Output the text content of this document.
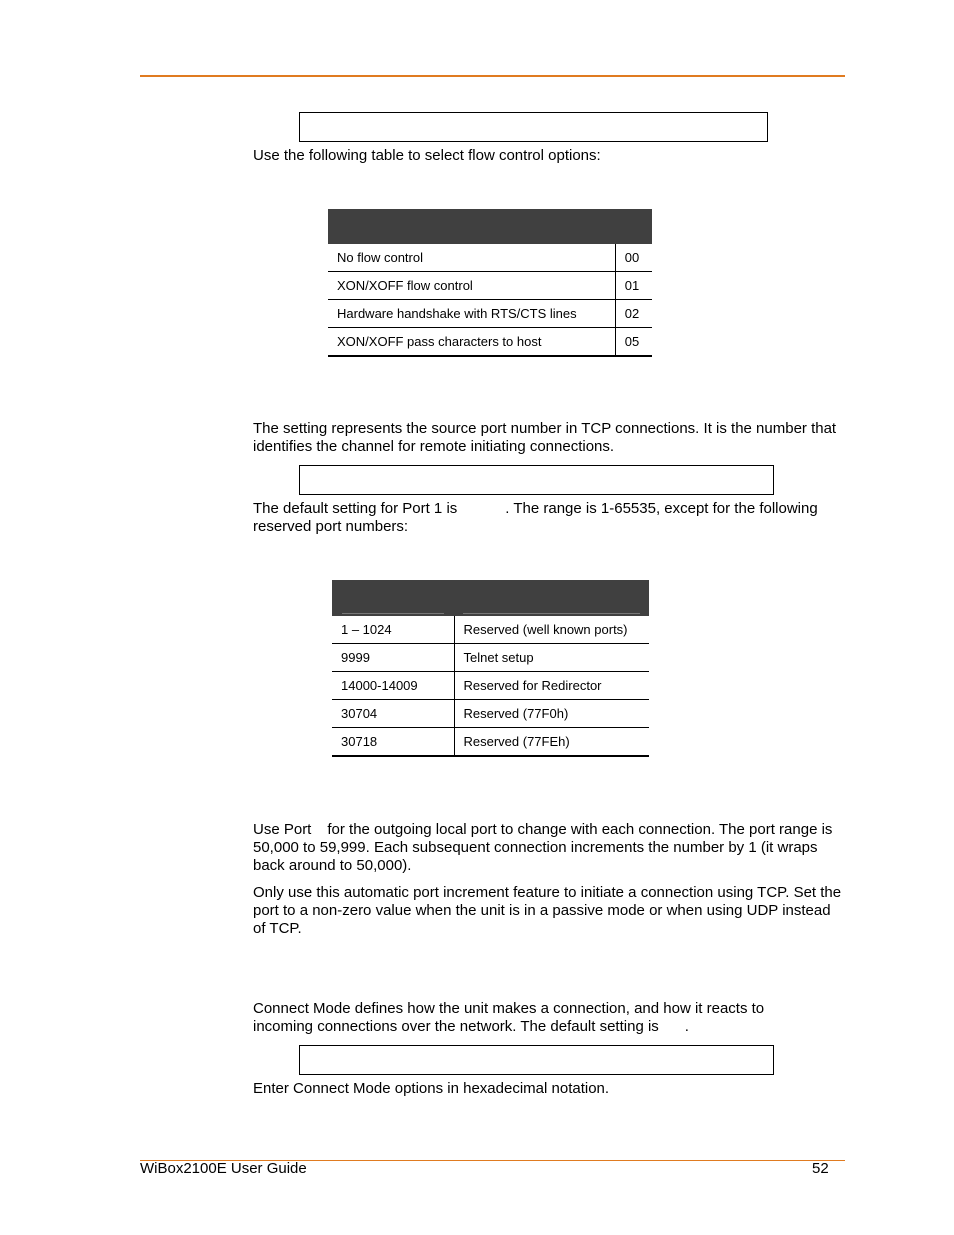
Use the following table to select flow control options:

No flow control	00
XON/XOFF flow control	01
Hardware handshake with RTS/CTS lines	02
XON/XOFF pass characters to host	05

The setting represents the source port number in TCP connections. It is the number that identifies the channel for remote initiating connections.

The default setting for Port 1 is	. The range is 1-65535, except for the following reserved port numbers:

1 – 1024	Reserved (well known ports)
9999	Telnet setup
14000-14009	Reserved for Redirector
30704	Reserved (77F0h)
30718	Reserved (77FEh)

Use Port for the outgoing local port to change with each connection. The port range is 50,000 to 59,999. Each subsequent connection increments the number by 1 (it wraps back around to 50,000).

Only use this automatic port increment feature to initiate a connection using TCP. Set the port to a non-zero value when the unit is in a passive mode or when using UDP instead of TCP.

Connect Mode defines how the unit makes a connection, and how it reacts to incoming connections over the network. The default setting is .

Enter Connect Mode options in hexadecimal notation.

WiBox2100E User Guide	52
